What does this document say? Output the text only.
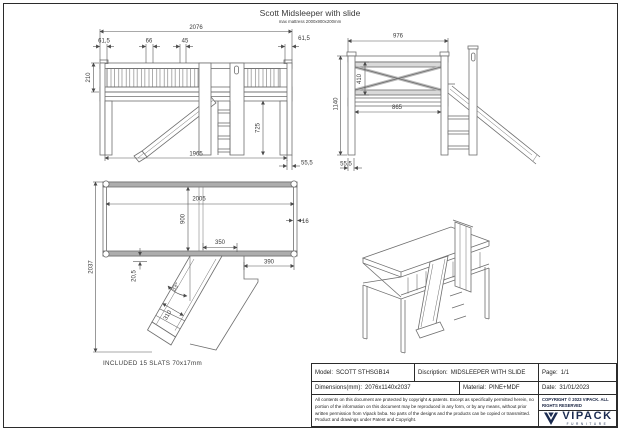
Scott Midsleeper with slide
max mattress 2000x900x200mm
2076
61,5	66	45	61,5
210
725
1965
55,5
976
410
1140	865
55,5
2005
900	16
350
390
20,5
33°
310
2037
INCLUDED 15 SLATS 70x17mm
Model: SCOTT STHSGB14	Discription: MIDSLEEPER WITH SLIDE	Page: 1/1
Dimensions(mm): 2076x1140x2037	Material: PINE+MDF	Date: 31/01/2023
All contents on this document are protected by copyright & patents. Except as specifically permitted herein, no portion of the information on this document may be reproduced in any form, or by any means, without prior written permission from Vipack bvba. No parts of the designs and the products can be copied or transmitted. Product and drawings under Patent and Copyright.
COPYRIGHT © 2023 VIPACK. ALL RIGHTS RESERVED
VIPACK
FURNITURE
